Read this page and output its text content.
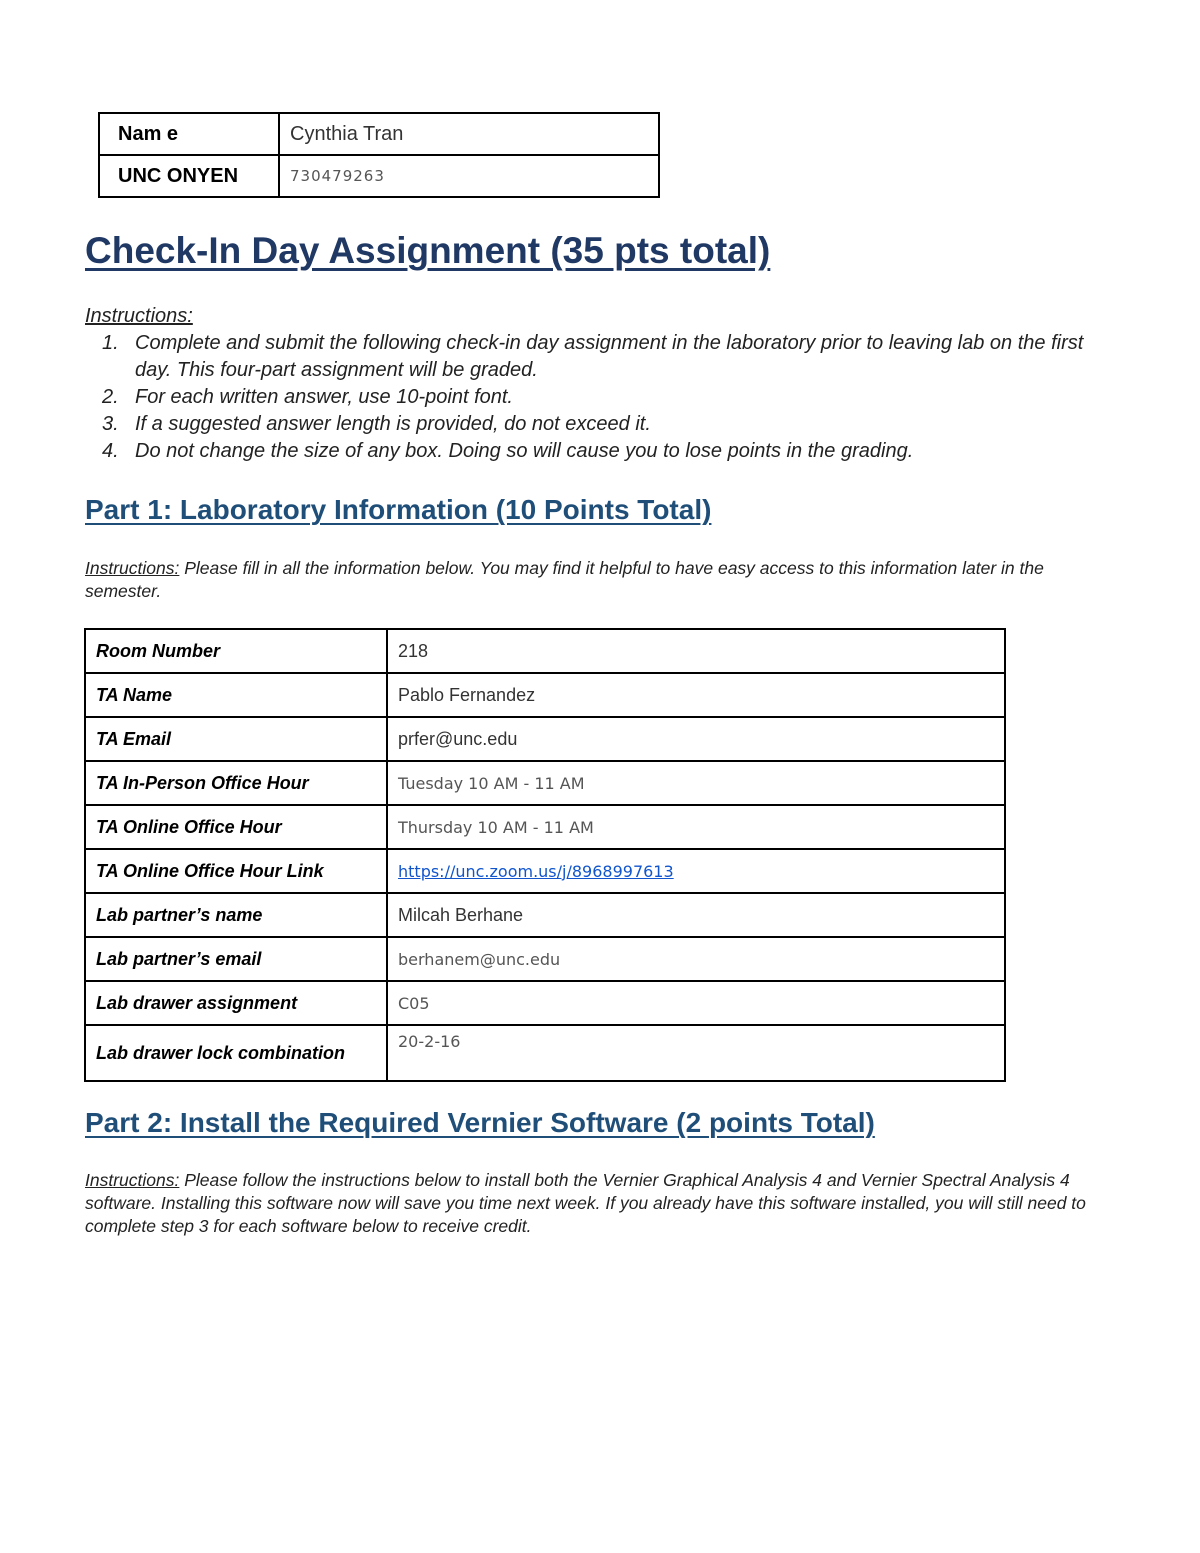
Nam e	Cynthia Tran
UNC ONYEN	730479263
Check-In Day Assignment (35 pts total)
Instructions:
1. Complete and submit the following check-in day assignment in the laboratory prior to leaving lab on the first day. This four-part assignment will be graded.
2. For each written answer, use 10-point font.
3. If a suggested answer length is provided, do not exceed it.
4. Do not change the size of any box. Doing so will cause you to lose points in the grading.
Part 1: Laboratory Information (10 Points Total)
Instructions: Please fill in all the information below. You may find it helpful to have easy access to this information later in the semester.
Room Number	218
TA Name	Pablo Fernandez
TA Email	prfer@unc.edu
TA In-Person Office Hour	Tuesday 10 AM - 11 AM
TA Online Office Hour	Thursday 10 AM - 11 AM
TA Online Office Hour Link	https://unc.zoom.us/j/8968997613
Lab partner’s name	Milcah Berhane
Lab partner’s email	berhanem@unc.edu
Lab drawer assignment	C05
Lab drawer lock combination	20-2-16
Part 2: Install the Required Vernier Software (2 points Total)
Instructions: Please follow the instructions below to install both the Vernier Graphical Analysis 4 and Vernier Spectral Analysis 4 software. Installing this software now will save you time next week. If you already have this software installed, you will still need to complete step 3 for each software below to receive credit.
